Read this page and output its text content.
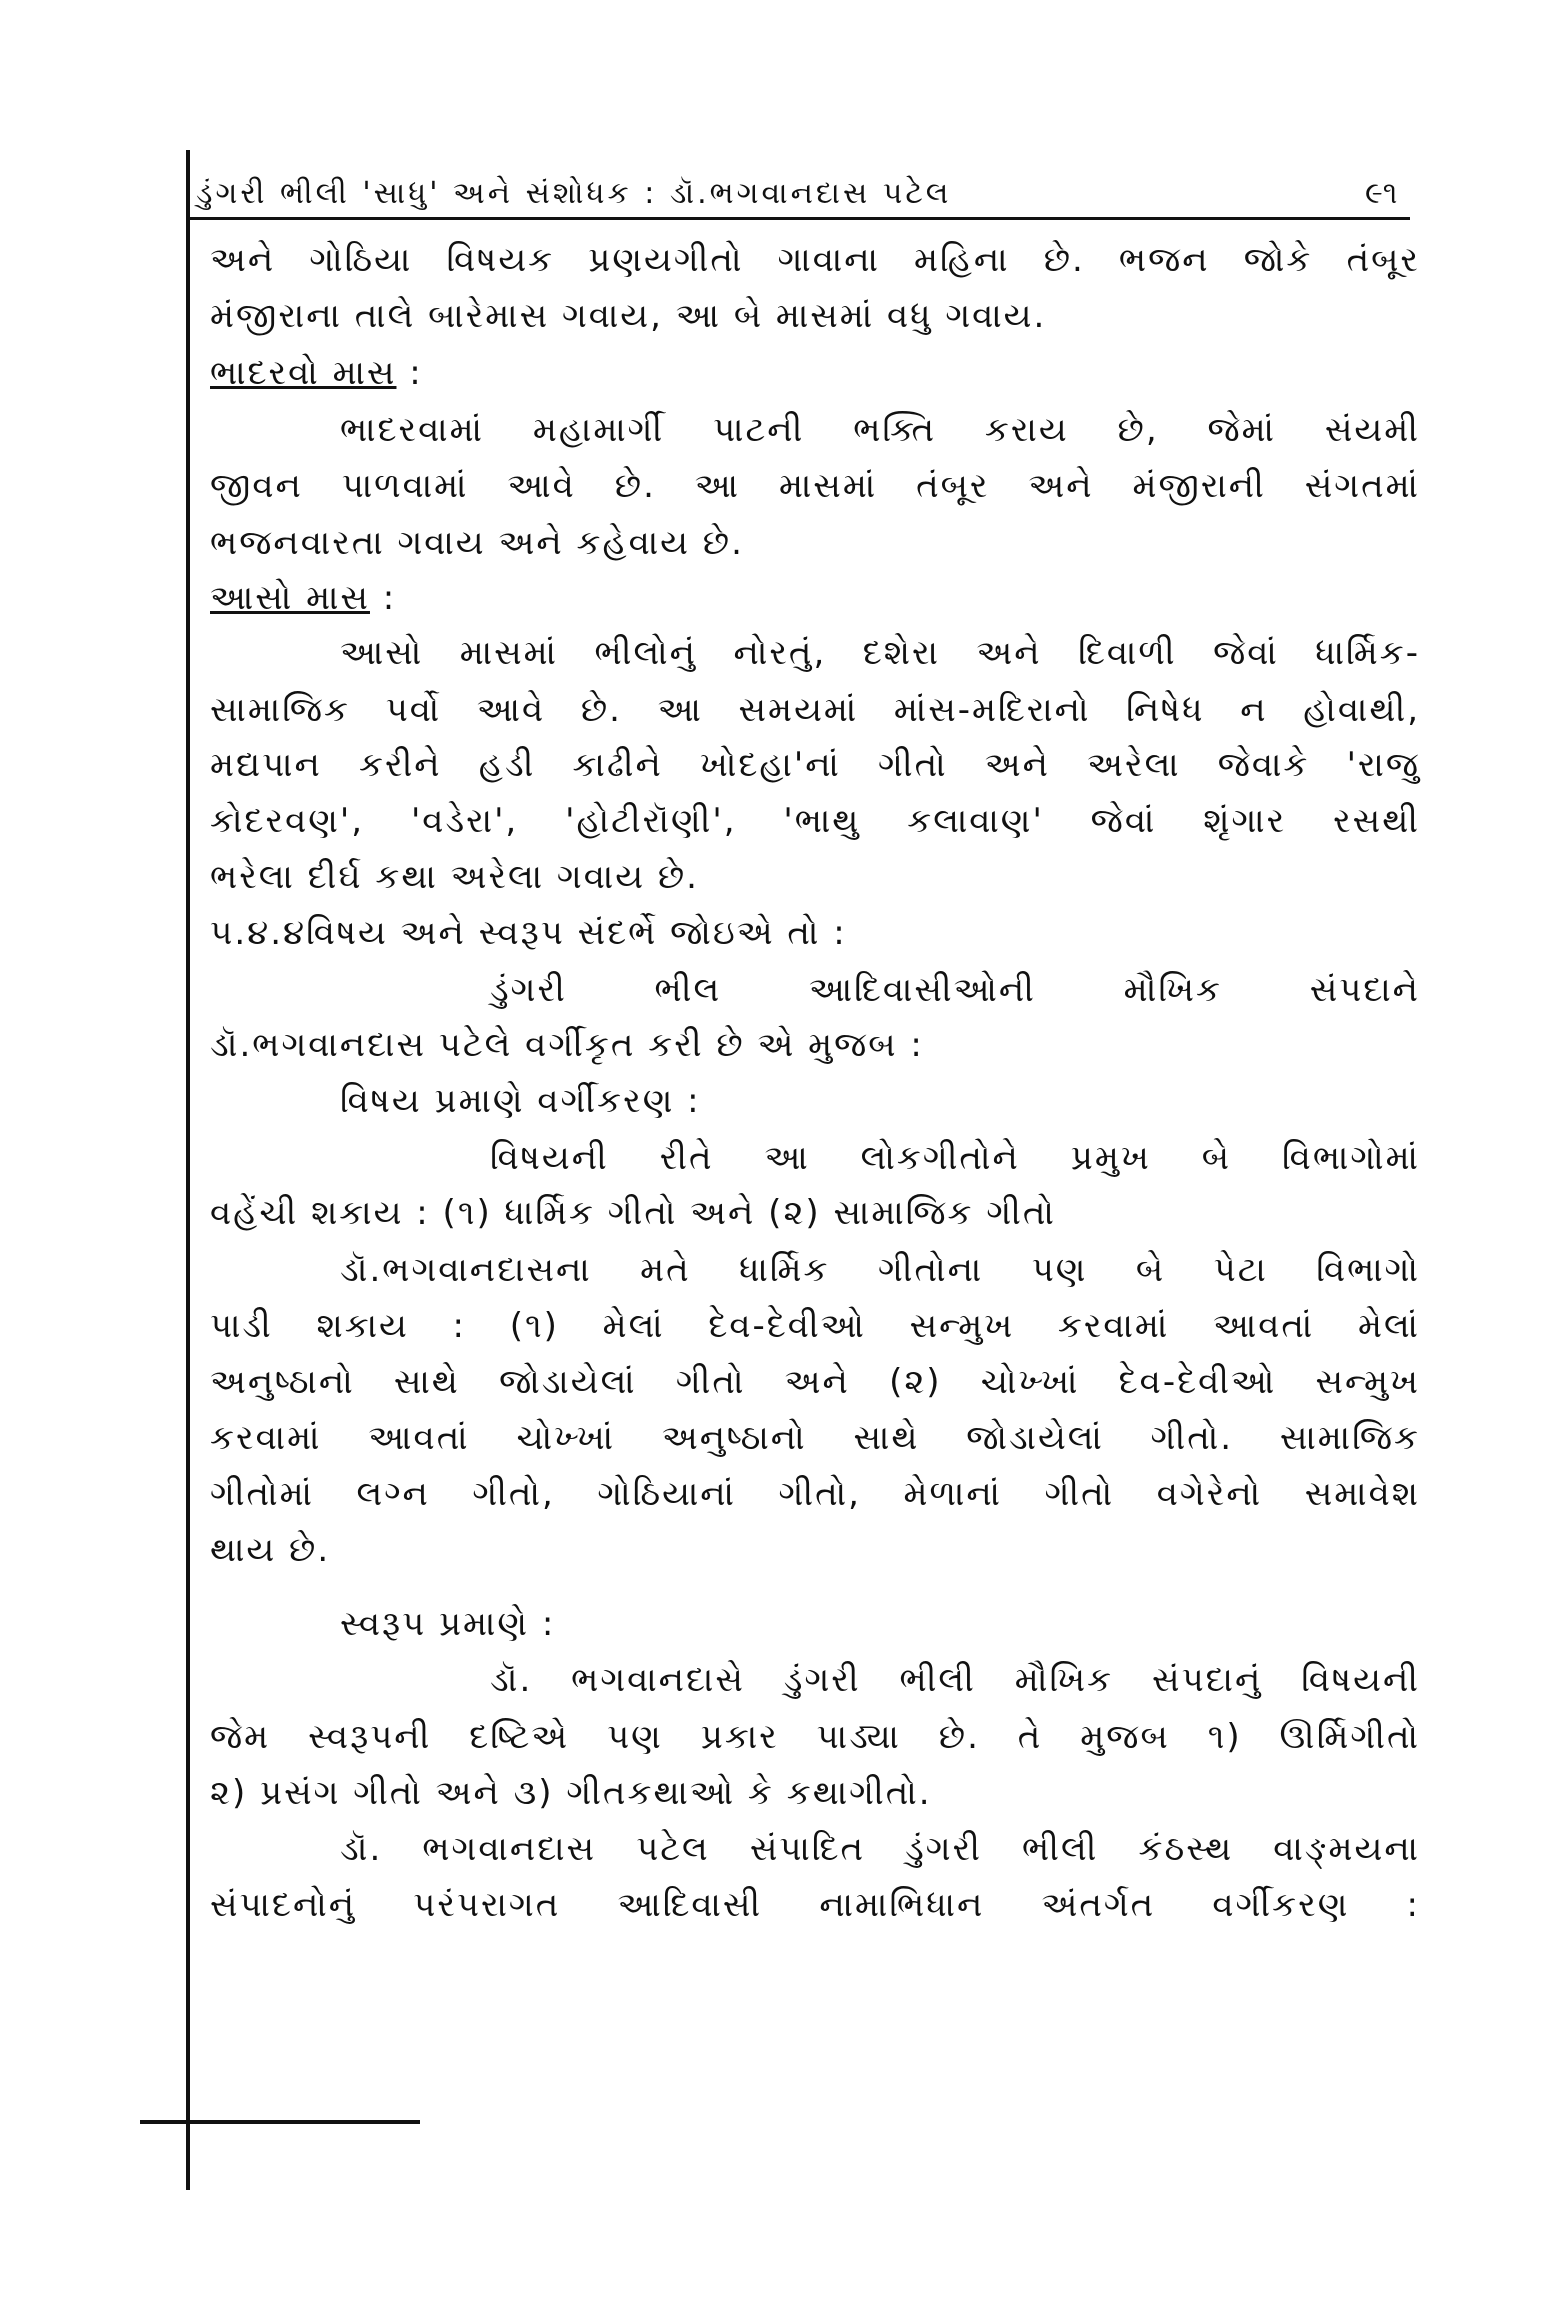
ડુંગરી ભીલી 'સાધુ' અને સંશોધક : ડૉ.ભગવાનદાસ પટેલ	૯૧
અને ગોઠિયા વિષયક પ્રણયગીતો ગાવાના મહિના છે. ભજન જોકે તંબૂર
મંજીરાના તાલે બારેમાસ ગવાય, આ બે માસમાં વધુ ગવાય.
ભાદરવો માસ :
ભાદરવામાં મહામાર્ગી પાટની ભક્તિ કરાય છે, જેમાં સંયમી
જીવન પાળવામાં આવે છે. આ માસમાં તંબૂર અને મંજીરાની સંગતમાં
ભજનવારતા ગવાય અને કહેવાય છે.
આસો માસ :
આસો માસમાં ભીલોનું નોરતું, દશેરા અને દિવાળી જેવાં ધાર્મિક-
સામાજિક પર્વો આવે છે. આ સમયમાં માંસ-મદિરાનો નિષેધ ન હોવાથી,
મદ્યપાન કરીને હડી કાઢીને ખોદહા'નાં ગીતો અને અરેલા જેવાકે 'રાજુ
કોદરવણ', 'વડેરા', 'હોટીરૉણી', 'ભાથુ કલાવાણ' જેવાં શૃંગાર રસથી
ભરેલા દીર્ઘ કથા અરેલા ગવાય છે.
૫.૪.૪વિષય અને સ્વરૂપ સંદર્ભે જોઇએ તો :
ડુંગરી ભીલ આદિવાસીઓની મૌખિક સંપદાને
ડૉ.ભગવાનદાસ પટેલે વર્ગીકૃત કરી છે એ મુજબ :
વિષય પ્રમાણે વર્ગીકરણ :
વિષયની રીતે આ લોકગીતોને પ્રમુખ બે વિભાગોમાં
વહેંચી શકાય : (૧) ધાર્મિક ગીતો અને (૨) સામાજિક ગીતો
ડૉ.ભગવાનદાસના મતે ધાર્મિક ગીતોના પણ બે પેટા વિભાગો
પાડી શકાય : (૧) મેલાં દેવ-દેવીઓ સન્મુખ કરવામાં આવતાં મેલાં
અનુષ્ઠાનો સાથે જોડાયેલાં ગીતો અને (૨) ચોખ્ખાં દેવ-દેવીઓ સન્મુખ
કરવામાં આવતાં ચોખ્ખાં અનુષ્ઠાનો સાથે જોડાયેલાં ગીતો. સામાજિક
ગીતોમાં લગ્ન ગીતો, ગોઠિયાનાં ગીતો, મેળાનાં ગીતો વગેરેનો સમાવેશ
થાય છે.
સ્વરૂપ પ્રમાણે :
ડૉ. ભગવાનદાસે ડુંગરી ભીલી મૌખિક સંપદાનું વિષયની
જેમ સ્વરૂપની દષ્ટિએ પણ પ્રકાર પાડ્યા છે. તે મુજબ ૧) ઊર્મિગીતો
૨) પ્રસંગ ગીતો અને ૩) ગીતકથાઓ કે કથાગીતો.
ડૉ. ભગવાનદાસ પટેલ સંપાદિત ડુંગરી ભીલી કંઠસ્થ વાઙ્મયના
સંપાદનોનું પરંપરાગત આદિવાસી નામાભિધાન અંતર્ગત વર્ગીકરણ :
